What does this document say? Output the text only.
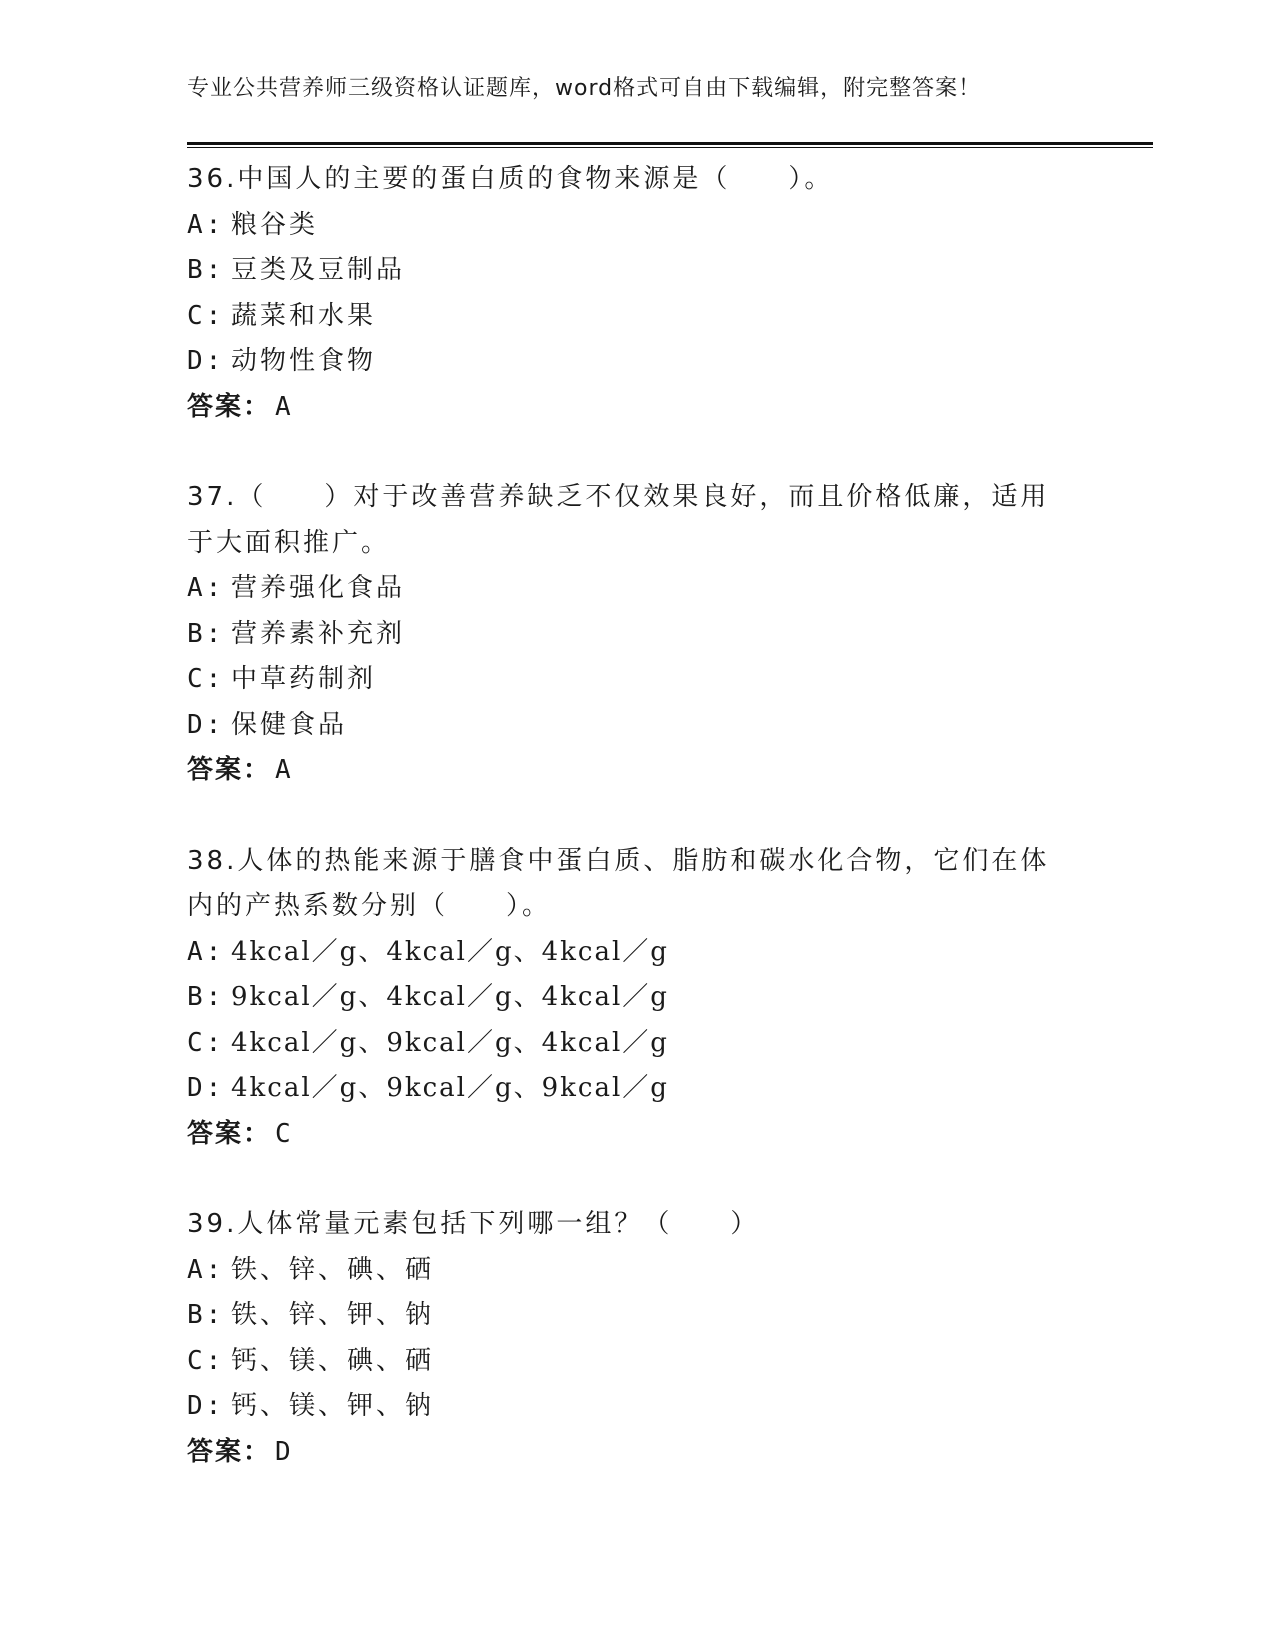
专业公共营养师三级资格认证题库，word格式可自由下载编辑，附完整答案！
36.中国人的主要的蛋白质的食物来源是（　　）。
A: 粮谷类
B: 豆类及豆制品
C: 蔬菜和水果
D: 动物性食物
答案： A
37.（　　）对于改善营养缺乏不仅效果良好，而且价格低廉，适用于大面积推广。
A: 营养强化食品
B: 营养素补充剂
C: 中草药制剂
D: 保健食品
答案： A
38.人体的热能来源于膳食中蛋白质、脂肪和碳水化合物，它们在体内的产热系数分别（　　）。
A: 4kcal／g、4kcal／g、4kcal／g
B: 9kcal／g、4kcal／g、4kcal／g
C: 4kcal／g、9kcal／g、4kcal／g
D: 4kcal／g、9kcal／g、9kcal／g
答案： C
39.人体常量元素包括下列哪一组？（　　）
A: 铁、锌、碘、硒
B: 铁、锌、钾、钠
C: 钙、镁、碘、硒
D: 钙、镁、钾、钠
答案： D
